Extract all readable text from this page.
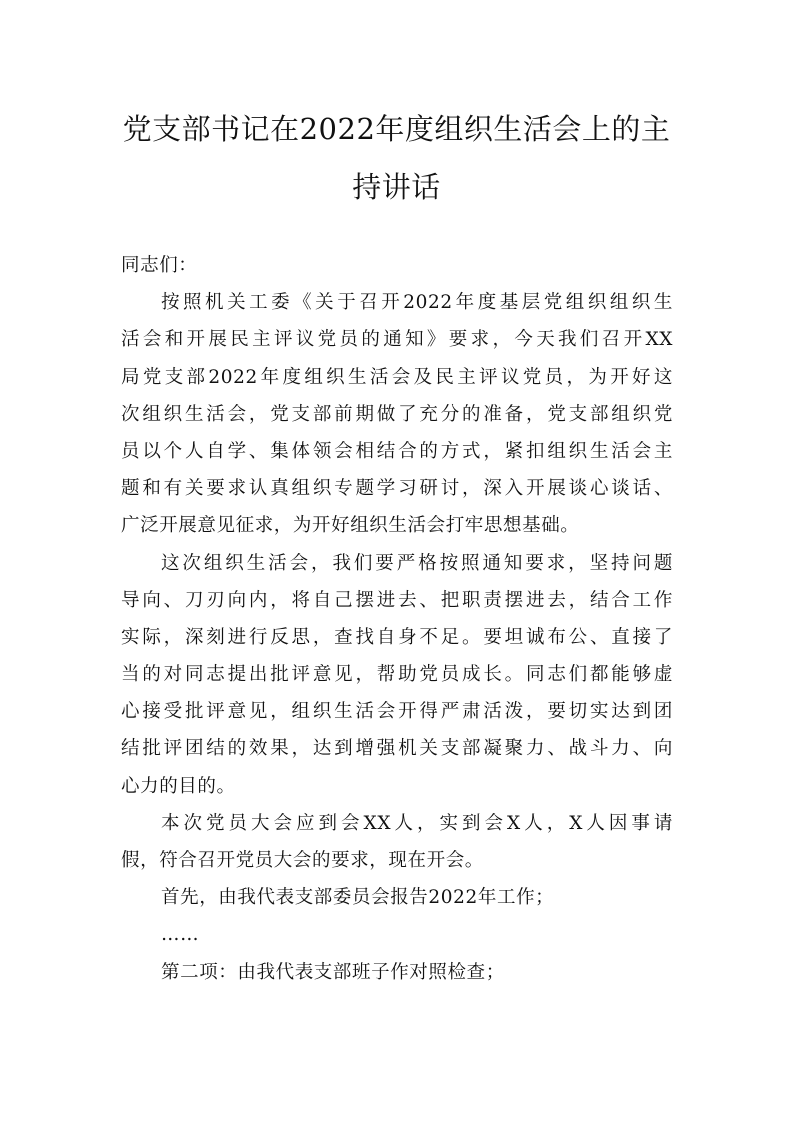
党支部书记在2022年度组织生活会上的主
持讲话
同志们：
按照机关工委《关于召开2022年度基层党组织组织生
活会和开展民主评议党员的通知》要求，今天我们召开XX
局党支部2022年度组织生活会及民主评议党员，为开好这
次组织生活会，党支部前期做了充分的准备，党支部组织党
员以个人自学、集体领会相结合的方式，紧扣组织生活会主
题和有关要求认真组织专题学习研讨，深入开展谈心谈话、
广泛开展意见征求，为开好组织生活会打牢思想基础。
这次组织生活会，我们要严格按照通知要求，坚持问题
导向、刀刃向内，将自己摆进去、把职责摆进去，结合工作
实际，深刻进行反思，查找自身不足。要坦诚布公、直接了
当的对同志提出批评意见，帮助党员成长。同志们都能够虚
心接受批评意见，组织生活会开得严肃活泼，要切实达到团
结批评团结的效果，达到增强机关支部凝聚力、战斗力、向
心力的目的。
本次党员大会应到会XX人，实到会X人，X人因事请
假，符合召开党员大会的要求，现在开会。
首先，由我代表支部委员会报告2022年工作；
……
第二项：由我代表支部班子作对照检查；
